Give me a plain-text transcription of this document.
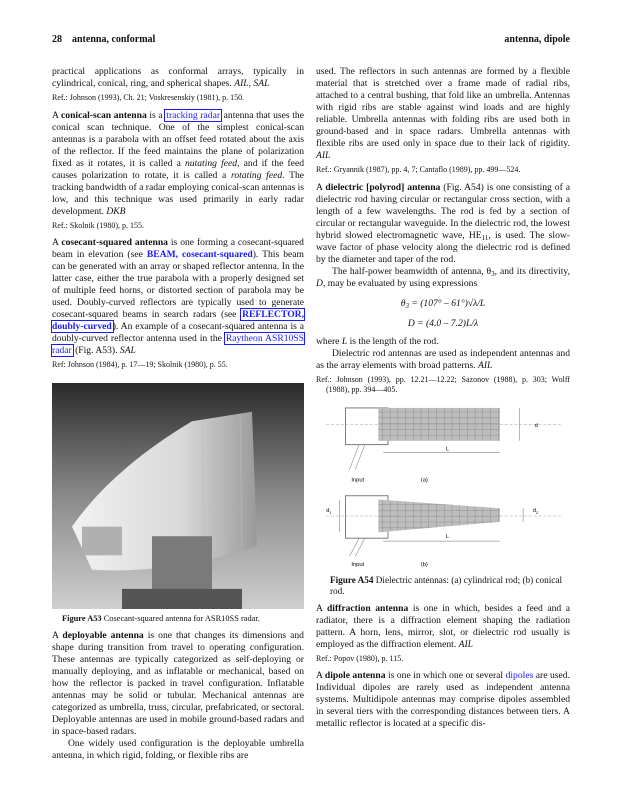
28 antenna, conformal	antenna, dipole
practical applications as conformal arrays, typically in cylindrical, conical, ring, and spherical shapes. AIL, SAL
Ref.: Johnson (1993), Ch. 21; Voskresenskiy (1981), p. 150.
A conical-scan antenna is a tracking radar antenna that uses the conical scan technique. One of the simplest conical-scan antennas is a parabola with an offset feed rotated about the axis of the reflector. If the feed maintains the plane of polarization fixed as it rotates, it is called a nutating feed, and if the feed causes polarization to rotate, it is called a rotating feed. The tracking bandwidth of a radar employing conical-scan antennas is low, and this technique was used primarily in early radar development. DKB
Ref.: Skolnik (1980), p. 155.
A cosecant-squared antenna is one forming a cosecant-squared beam in elevation (see BEAM, cosecant-squared). This beam can be generated with an array or shaped reflector antenna. In the latter case, either the true parabola with a properly designed set of multiple feed horns, or distorted section of parabola may be used. Doubly-curved reflectors are typically used to generate cosecant-squared beams in search radars (see REFLECTOR, doubly-curved). An example of a cosecant-squared antenna is a doubly-curved reflector antenna used in the Raytheon ASR10SS radar (Fig. A53). SAL
Ref: Johnson (1984), p. 17—19; Skolnik (1980), p. 55.
Figure A53 Cosecant-squared antenna for ASR10SS radar.
A deployable antenna is one that changes its dimensions and shape during transition from travel to operating configuration. These antennas are typically categorized as self-deploying or manually deploying, and as inflatable or mechanical, based on how the reflector is packed in travel configuration. Inflatable antennas may be solid or tubular. Mechanical antennas are categorized as umbrella, truss, circular, prefabricated, or sectoral. Deployable antennas are used in mobile ground-based radars and in space-based radars.
One widely used configuration is the deployable umbrella antenna, in which rigid, folding, or flexible ribs are
used. The reflectors in such antennas are formed by a flexible material that is stretched over a frame made of radial ribs, attached to a central bushing, that fold like an umbrella. Antennas with rigid ribs are stable against wind loads and are highly reliable. Umbrella antennas with folding ribs are used both in ground-based and in space radars. Umbrella antennas with flexible ribs are used only in space due to their lack of rigidity. AIL
Ref.: Gryannik (1987), pp. 4, 7; Cantaflo (1989), pp. 499—524.
A dielectric [polyrod] antenna (Fig. A54) is one consisting of a dielectric rod having circular or rectangular cross section, with a length of a few wavelengths. The rod is fed by a section of circular or rectangular waveguide. In the dielectric rod, the lowest hybrid slowed electromagnetic wave, $HE_{11}$, is used. The slow-wave factor of phase velocity along the dielectric rod is defined by the diameter and taper of the rod.
The half-power beamwidth of antenna, $\theta_3$, and its directivity, D, may be evaluated by using expressions
$\theta_3 = (107^\circ - 61^\circ)√\lambda/L$
D = (4.0 – 7.2)L/λ
where L is the length of the rod.
Dielectric rod antennas are used as independent antennas and as the array elements with broad patterns. AIL
Ref.: Johnson (1993), pp. 12.21—12.22; Sazonov (1988), p. 303; Wolff (1988), pp. 394—405.
L
d
Input	(a)
$d_1$	$d_2$
L
Input	(b)
Figure A54 Dielectric antennas: (a) cylindrical rod; (b) conical rod.
A diffraction antenna is one in which, besides a feed and a radiator, there is a diffraction element shaping the radiation pattern. A horn, lens, mirror, slot, or dielectric rod usually is employed as the diffraction element. AIL
Ref.: Popov (1980), p. 115.
A dipole antenna is one in which one or several dipoles are used. Individual dipoles are rarely used as independent antenna systems. Multidipole antennas may comprise dipoles assembled in several tiers with the corresponding distances between tiers. A metallic reflector is located at a specific dis-
